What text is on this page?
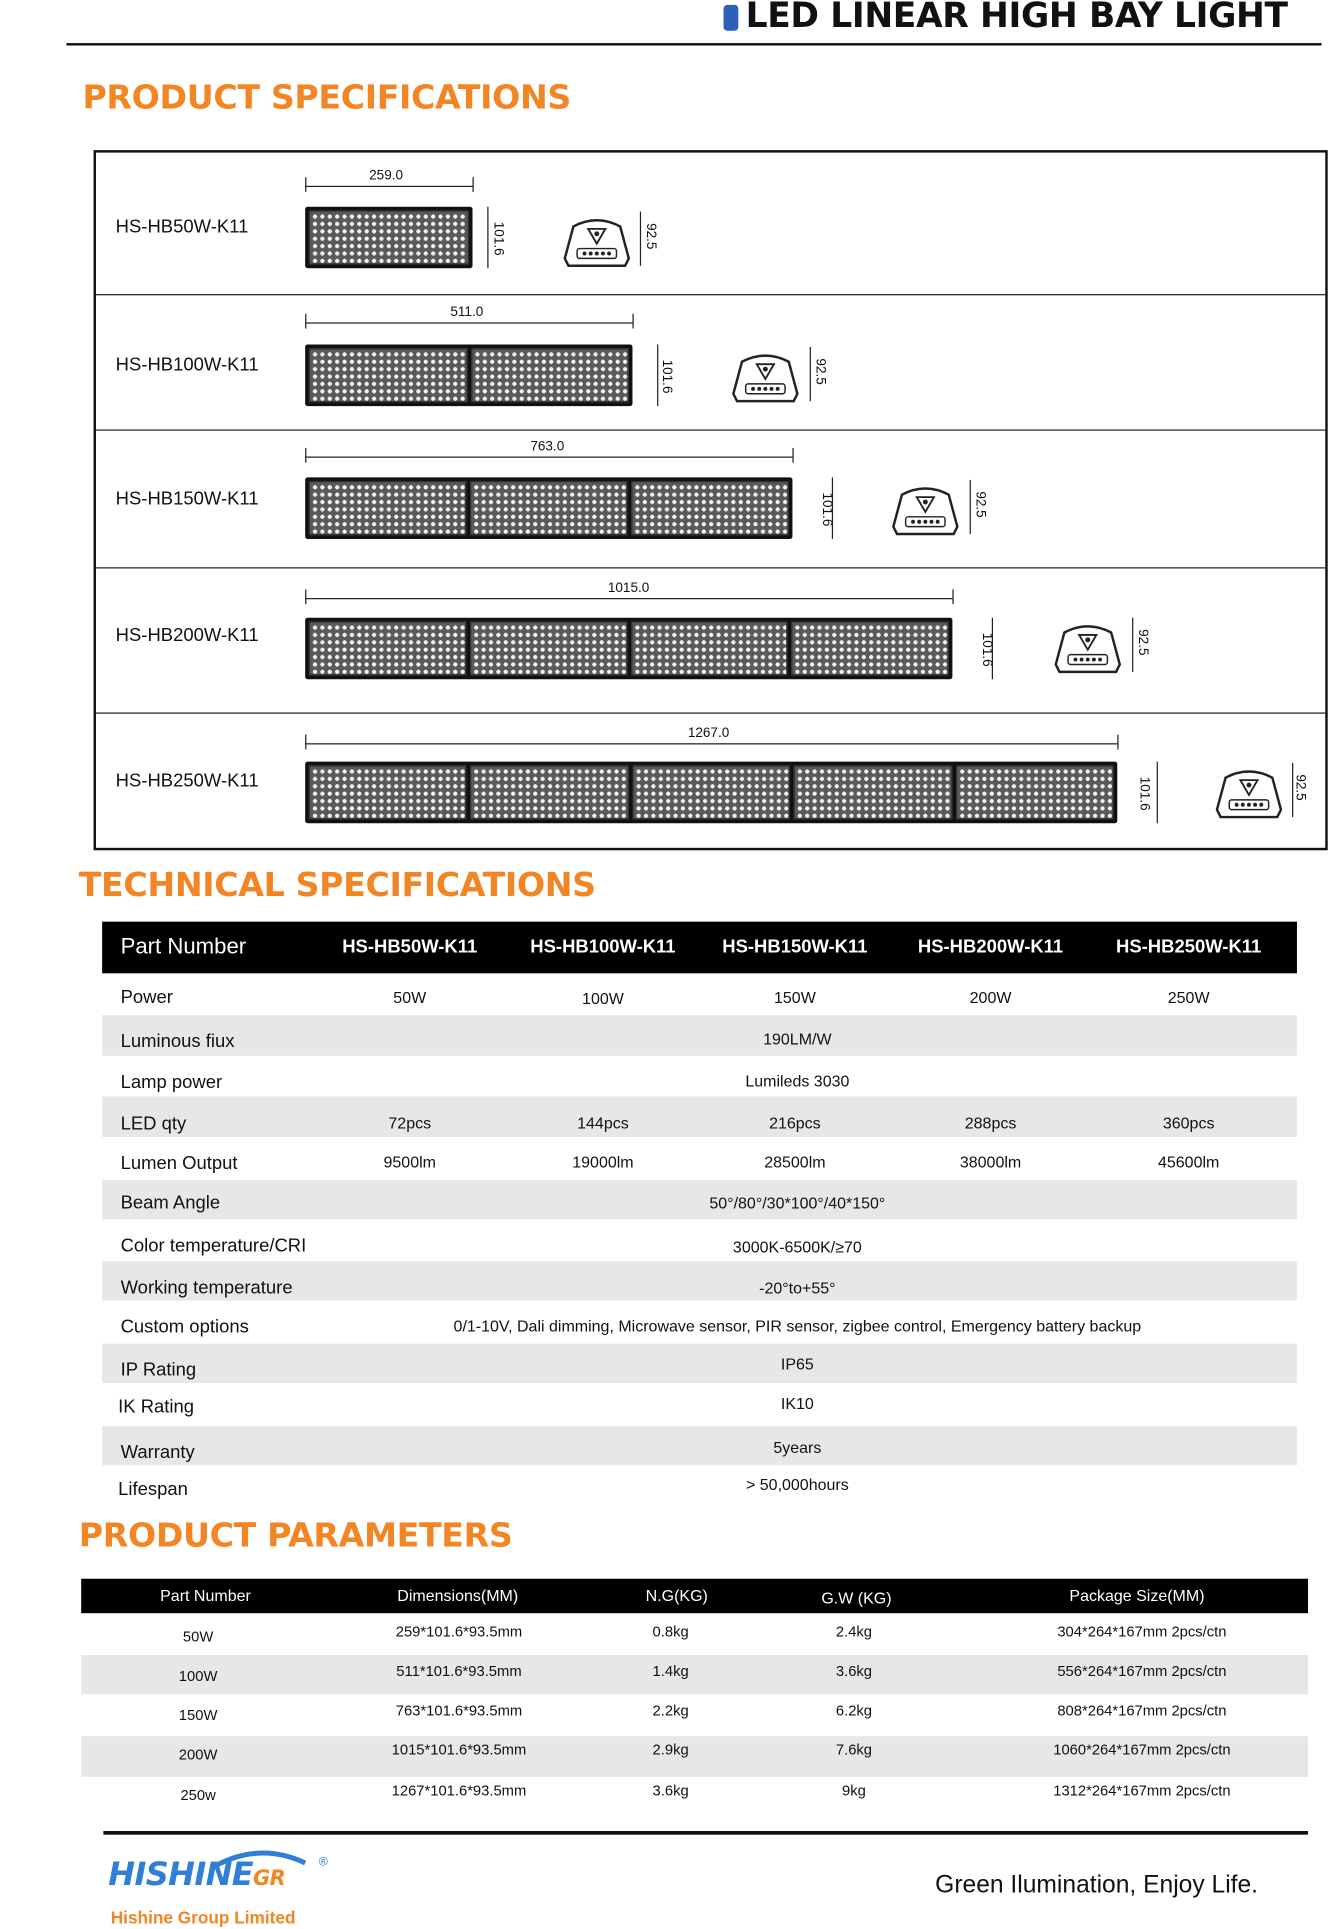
LED LINEAR HIGH BAY LIGHT
PRODUCT SPECIFICATIONS
HS-HB50W-K11
259.0
101.6	92.5
HS-HB100W-K11
511.0
101.6	92.5
HS-HB150W-K11
763.0
101.6	92.5
HS-HB200W-K11
1015.0
101.6	92.5
HS-HB250W-K11
1267.0
101.6	92.5
TECHNICAL SPECIFICATIONS
Part Number	HS-HB50W-K11	HS-HB100W-K11	HS-HB150W-K11	HS-HB200W-K11	HS-HB250W-K11
Power	50W	100W	150W	200W	250W
Luminous fiux	190LM/W
Lamp power	Lumileds 3030
LED qty	72pcs	144pcs	216pcs	288pcs	360pcs
Lumen Output	9500lm	19000lm	28500lm	38000lm	45600lm
Beam Angle	50°/80°/30*100°/40*150°
Color temperature/CRI	3000K-6500K/≥70
Working temperature	-20°to+55°
Custom options	0/1-10V, Dali dimming, Microwave sensor, PIR sensor, zigbee control, Emergency battery backup
IP Rating	IP65
IK Rating	IK10
Warranty	5years
Lifespan	> 50,000hours
PRODUCT PARAMETERS
Part Number	Dimensions(MM)	N.G(KG)	G.W (KG)	Package Size(MM)
50W	259*101.6*93.5mm	0.8kg	2.4kg	304*264*167mm 2pcs/ctn
100W	511*101.6*93.5mm	1.4kg	3.6kg	556*264*167mm 2pcs/ctn
150W	763*101.6*93.5mm	2.2kg	6.2kg	808*264*167mm 2pcs/ctn
200W	1015*101.6*93.5mm	2.9kg	7.6kg	1060*264*167mm 2pcs/ctn
250w	1267*101.6*93.5mm	3.6kg	9kg	1312*264*167mm 2pcs/ctn
HISHINEGR
®
Hishine Group Limited
Green Ilumination, Enjoy Life.
